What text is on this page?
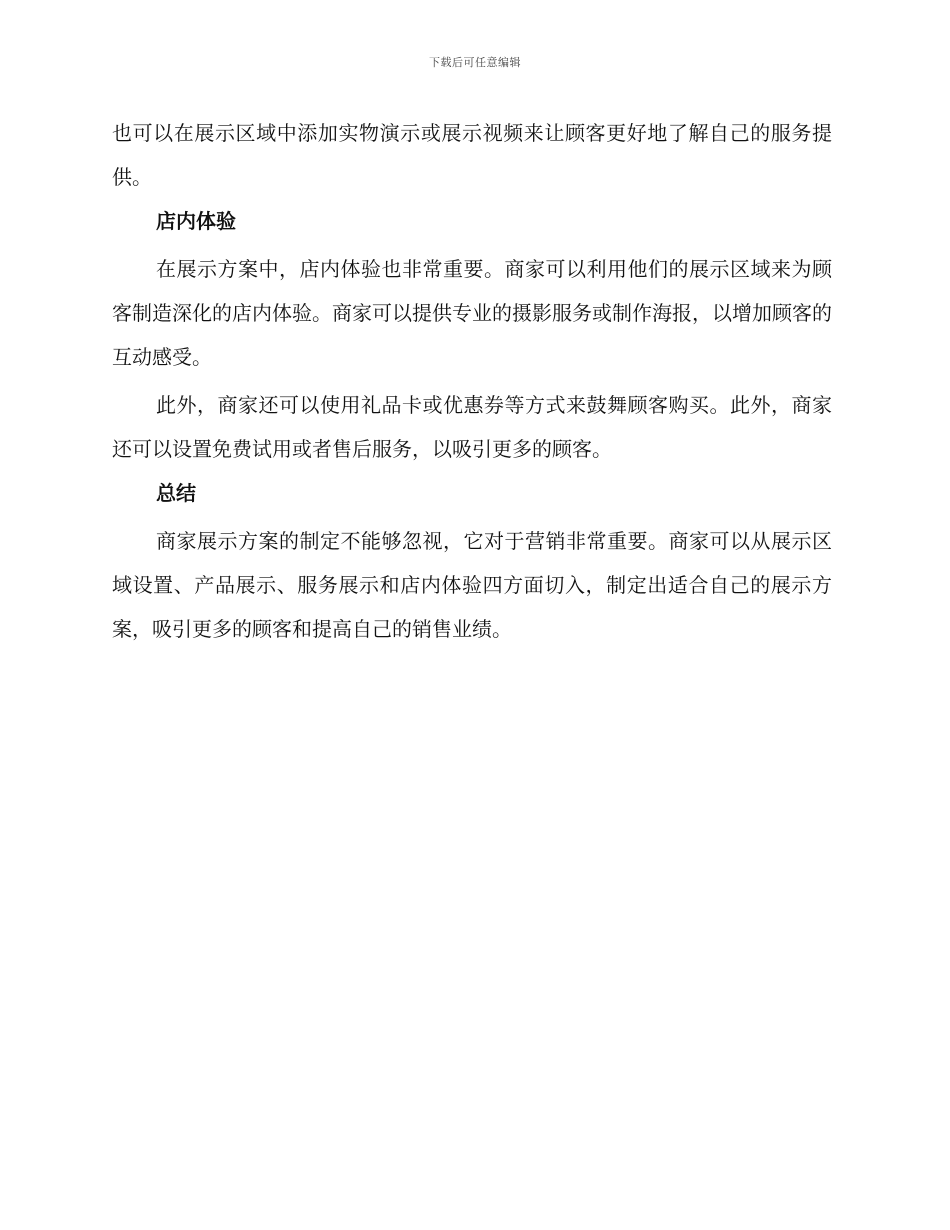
下载后可任意编辑

也可以在展示区域中添加实物演示或展示视频来让顾客更好地了解自己的服务提供。

店内体验

在展示方案中，店内体验也非常重要。商家可以利用他们的展示区域来为顾客制造深化的店内体验。商家可以提供专业的摄影服务或制作海报，以增加顾客的互动感受。

此外，商家还可以使用礼品卡或优惠券等方式来鼓舞顾客购买。此外，商家还可以设置免费试用或者售后服务，以吸引更多的顾客。

总结

商家展示方案的制定不能够忽视，它对于营销非常重要。商家可以从展示区域设置、产品展示、服务展示和店内体验四方面切入，制定出适合自己的展示方案，吸引更多的顾客和提高自己的销售业绩。
